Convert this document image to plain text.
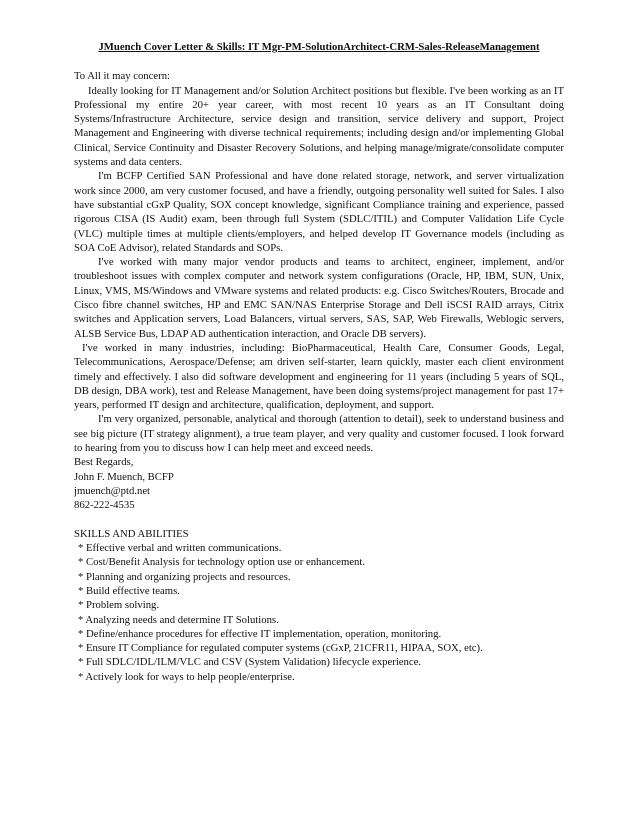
JMuench Cover Letter & Skills: IT Mgr-PM-SolutionArchitect-CRM-Sales-ReleaseManagement

To All it may concern:

Ideally looking for IT Management and/or Solution Architect positions but flexible. I've been working as an IT Professional my entire 20+ year career, with most recent 10 years as an IT Consultant doing Systems/Infrastructure Architecture, service design and transition, service delivery and support, Project Management and Engineering with diverse technical requirements; including design and/or implementing Global Clinical, Service Continuity and Disaster Recovery Solutions, and helping manage/migrate/consolidate computer systems and data centers.

I'm BCFP Certified SAN Professional and have done related storage, network, and server virtualization work since 2000, am very customer focused, and have a friendly, outgoing personality well suited for Sales. I also have substantial cGxP Quality, SOX concept knowledge, significant Compliance training and experience, passed rigorous CISA (IS Audit) exam, been through full System (SDLC/ITIL) and Computer Validation Life Cycle (VLC) multiple times at multiple clients/employers, and helped develop IT Governance models (including as SOA CoE Advisor), related Standards and SOPs.

I've worked with many major vendor products and teams to architect, engineer, implement, and/or troubleshoot issues with complex computer and network system configurations (Oracle, HP, IBM, SUN, Unix, Linux, VMS, MS/Windows and VMware systems and related products: e.g. Cisco Switches/Routers, Brocade and Cisco fibre channel switches, HP and EMC SAN/NAS Enterprise Storage and Dell iSCSI RAID arrays, Citrix switches and Application servers, Load Balancers, virtual servers, SAS, SAP, Web Firewalls, Weblogic servers, ALSB Service Bus, LDAP AD authentication interaction, and Oracle DB servers).

I've worked in many industries, including: BioPharmaceutical, Health Care, Consumer Goods, Legal, Telecommunications, Aerospace/Defense; am driven self-starter, learn quickly, master each client environment timely and effectively. I also did software development and engineering for 11 years (including 5 years of SQL, DB design, DBA work), test and Release Management, have been doing systems/project management for past 17+ years, performed IT design and architecture, qualification, deployment, and support.

I'm very organized, personable, analytical and thorough (attention to detail), seek to understand business and see big picture (IT strategy alignment), a true team player, and very quality and customer focused. I look forward to hearing from you to discuss how I can help meet and exceed needs.

Best Regards,

John F. Muench, BCFP

jmuench@ptd.net

862-222-4535

SKILLS AND ABILITIES

* Effective verbal and written communications.
* Cost/Benefit Analysis for technology option use or enhancement.
* Planning and organizing projects and resources.
* Build effective teams.
* Problem solving.
* Analyzing needs and determine IT Solutions.
* Define/enhance procedures for effective IT implementation, operation, monitoring.
* Ensure IT Compliance for regulated computer systems (cGxP, 21CFR11, HIPAA, SOX, etc).
* Full SDLC/IDL/ILM/VLC and CSV (System Validation) lifecycle experience.
* Actively look for ways to help people/enterprise.
